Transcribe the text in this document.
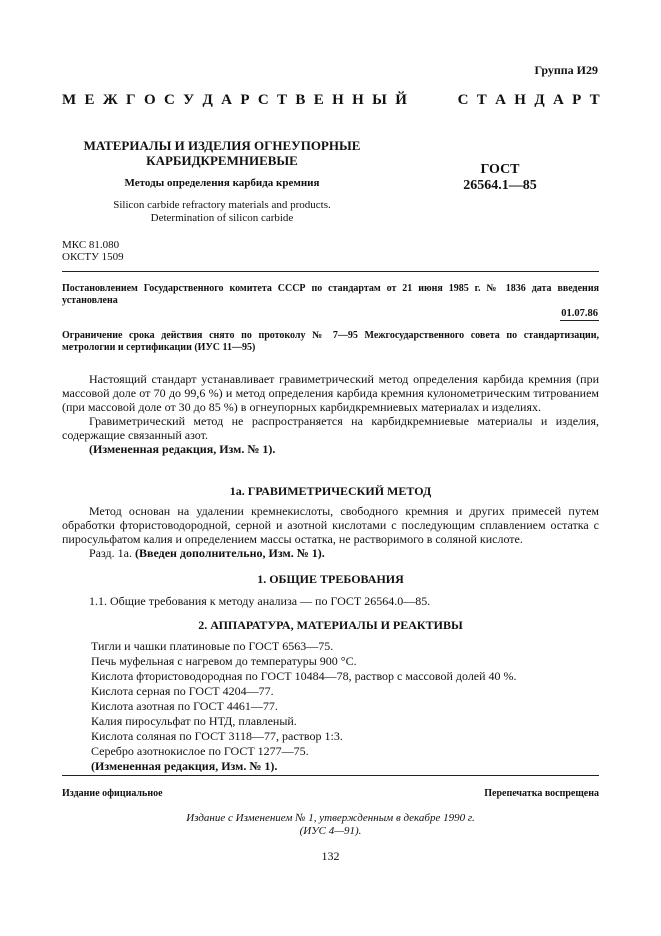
Группа И29
М Е Ж Г О С У Д А Р С Т В Е Н Н Ы Й	С Т А Н Д А Р Т
МАТЕРИАЛЫ И ИЗДЕЛИЯ ОГНЕУПОРНЫЕ
КАРБИДКРЕМНИЕВЫЕ
Методы определения карбида кремния
Silicon carbide refractory materials and products.
Determination of silicon carbide
ГОСТ
26564.1—85
МКС 81.080
ОКСТУ 1509
Постановлением Государственного комитета СССР по стандартам от 21 июня 1985 г. № 1836 дата введения установлена
01.07.86
Ограничение срока действия снято по протоколу № 7—95 Межгосударственного совета по стандартизации, метрологии и сертификации (ИУС 11—95)

Настоящий стандарт устанавливает гравиметрический метод определения карбида кремния (при массовой доле от 70 до 99,6 %) и метод определения карбида кремния кулонометрическим титрованием (при массовой доле от 30 до 85 %) в огнеупорных карбидкремниевых материалах и изделиях.

Гравиметрический метод не распространяется на карбидкремниевые материалы и изделия, содержащие связанный азот.

(Измененная редакция, Изм. № 1).

1а. ГРАВИМЕТРИЧЕСКИЙ МЕТОД

Метод основан на удалении кремнекислоты, свободного кремния и других примесей путем обработки фтористоводородной, серной и азотной кислотами с последующим сплавлением остатка с пиросульфатом калия и определением массы остатка, не растворимого в соляной кислоте.

Разд. 1а. (Введен дополнительно, Изм. № 1).

1. ОБЩИЕ ТРЕБОВАНИЯ

1.1. Общие требования к методу анализа — по ГОСТ 26564.0—85.

2. АППАРАТУРА, МАТЕРИАЛЫ И РЕАКТИВЫ
Тигли и чашки платиновые по ГОСТ 6563—75.
Печь муфельная с нагревом до температуры 900 °С.
Кислота фтористоводородная по ГОСТ 10484—78, раствор с массовой долей 40 %.
Кислота серная по ГОСТ 4204—77.
Кислота азотная по ГОСТ 4461—77.
Калия пиросульфат по НТД, плавленый.
Кислота соляная по ГОСТ 3118—77, раствор 1:3.
Серебро азотнокислое по ГОСТ 1277—75.
(Измененная редакция, Изм. № 1).
Издание официальное	Перепечатка воспрещена
Издание с Изменением № 1, утвержденным в декабре 1990 г.
(ИУС 4—91).
132
